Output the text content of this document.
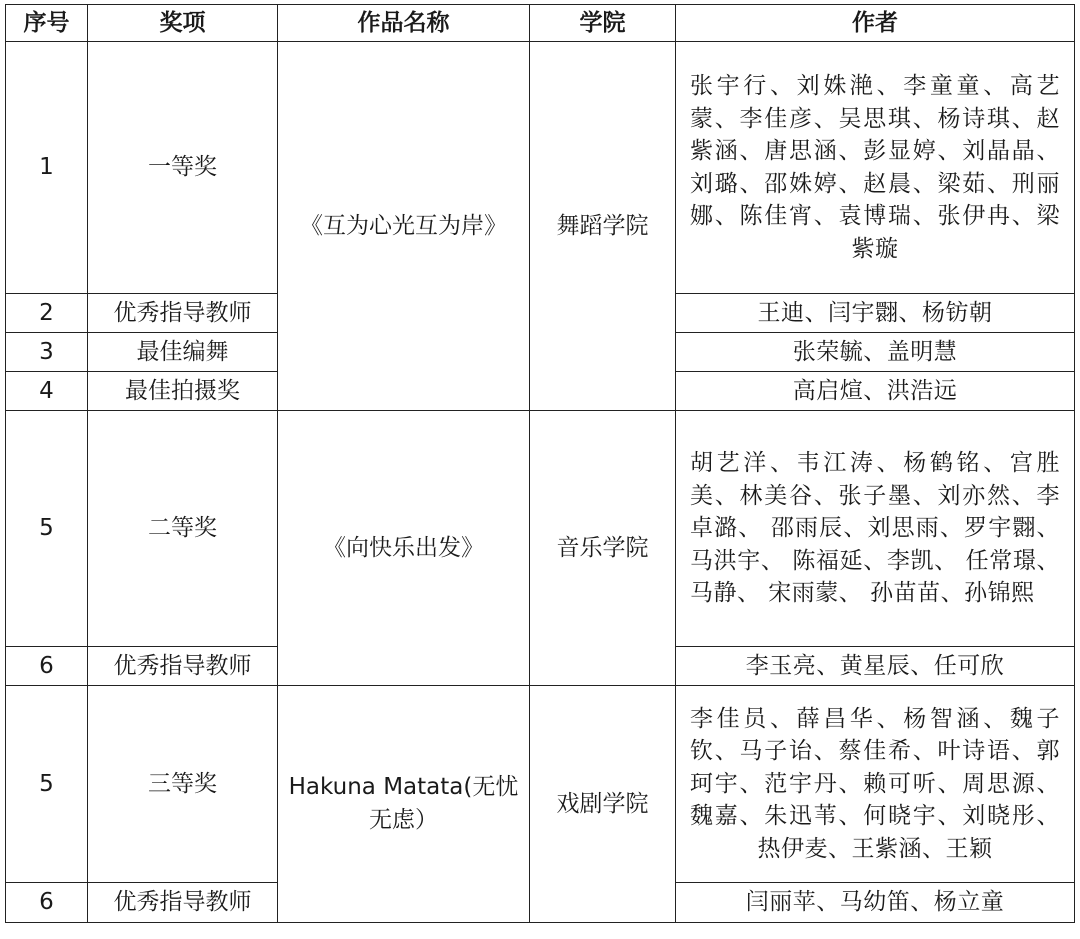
序号	奖项	作品名称	学院	作者
1	一等奖	《互为心光互为岸》	舞蹈学院	张宇行、刘姝滟、李童童、高艺蒙、李佳彦、吴思琪、杨诗琪、赵紫涵、唐思涵、彭显婷、刘晶晶、刘璐、邵姝婷、赵晨、梁茹、刑丽娜、陈佳宵、袁博瑞、张伊冉、梁紫璇
2	优秀指导教师			王迪、闫宇翾、杨钫朝
3	最佳编舞			张荣毓、盖明慧
4	最佳拍摄奖			高启煊、洪浩远
5	二等奖	《向快乐出发》	音乐学院	胡艺洋、韦江涛、杨鹤铭、宫胜美、林美谷、张子墨、刘亦然、李卓潞、 邵雨辰、刘思雨、罗宇翾、马洪宇、 陈福延、李凯、 任常璟、马静、 宋雨蒙、 孙苗苗、孙锦熙
6	优秀指导教师			李玉亮、黄星辰、任可欣
5	三等奖	Hakuna Matata(无忧无虑）	戏剧学院	李佳员、薛昌华、杨智涵、魏子钦、马子诒、蔡佳希、叶诗语、郭珂宇、范宇丹、赖可听、周思源、魏嘉、朱迅苇、何晓宇、刘晓彤、热伊麦、王紫涵、王颖
6	优秀指导教师			闫丽苹、马幼笛、杨立童
